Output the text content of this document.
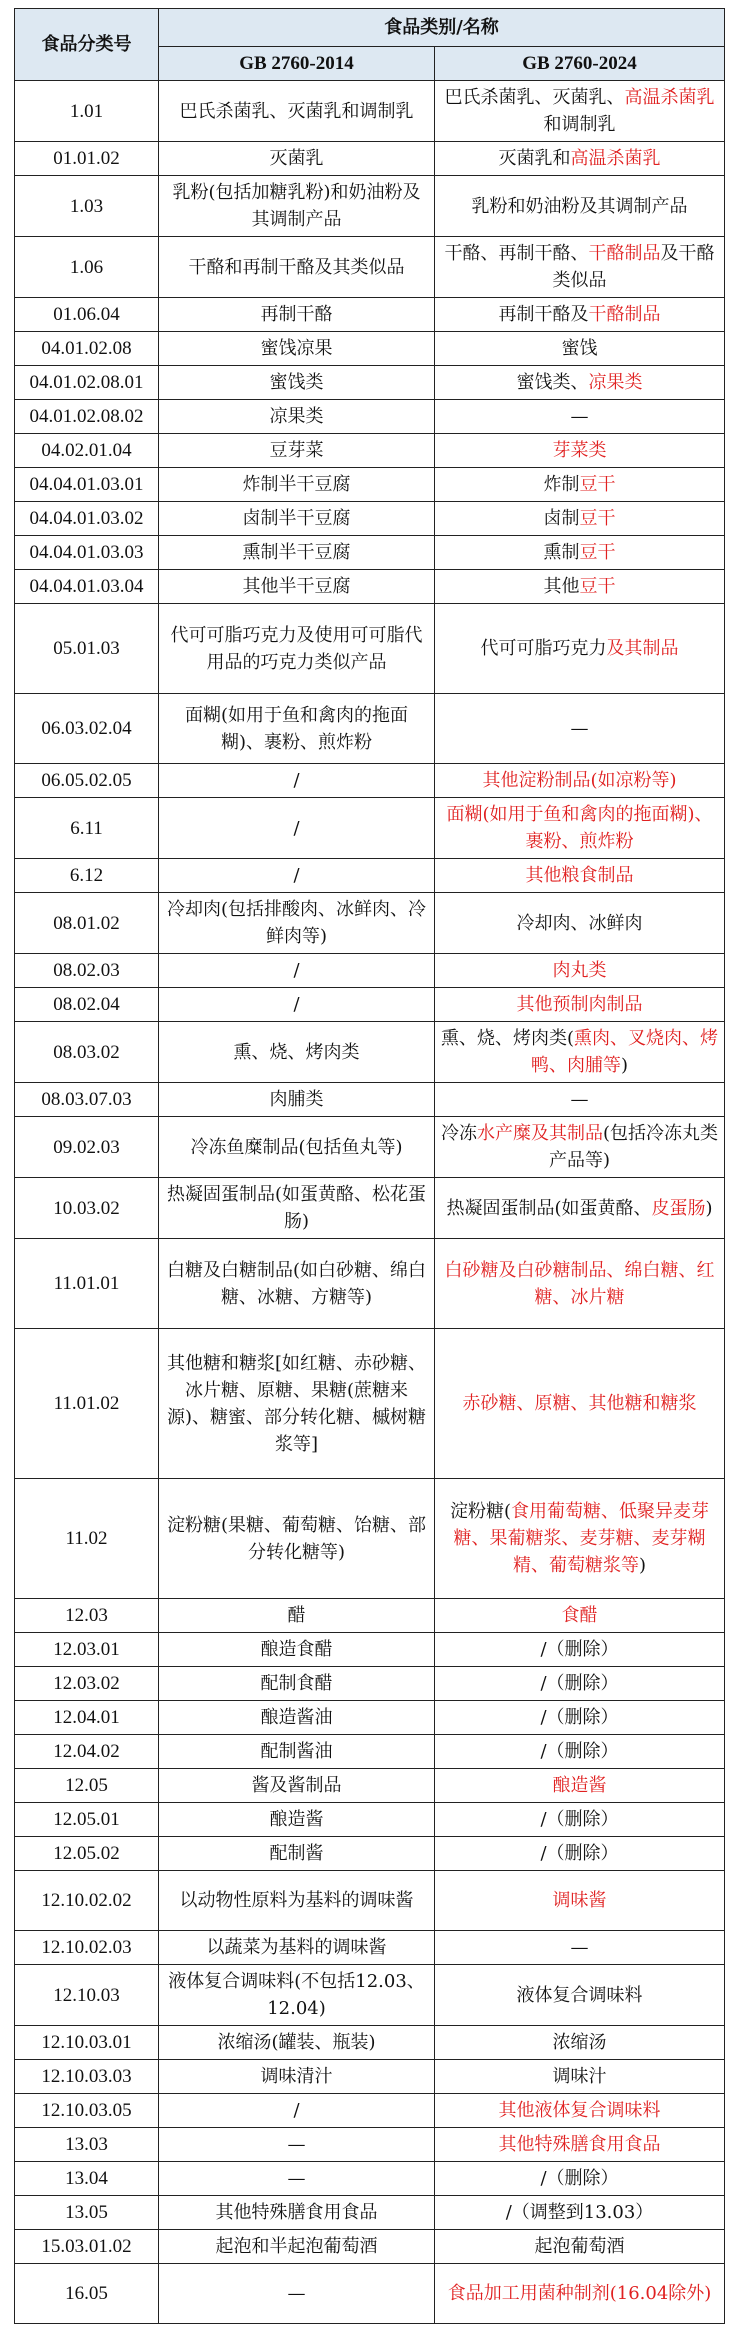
食品分类号	食品类别/名称	
	GB 2760-2014	GB 2760-2024
1.01	巴氏杀菌乳、灭菌乳和调制乳	巴氏杀菌乳、灭菌乳、高温杀菌乳和调制乳
01.01.02	灭菌乳	灭菌乳和高温杀菌乳
1.03	乳粉(包括加糖乳粉)和奶油粉及其调制产品	乳粉和奶油粉及其调制产品
1.06	干酪和再制干酪及其类似品	干酪、再制干酪、干酪制品及干酪类似品
01.06.04	再制干酪	再制干酪及干酪制品
04.01.02.08	蜜饯凉果	蜜饯
04.01.02.08.01	蜜饯类	蜜饯类、凉果类
04.01.02.08.02	凉果类	—
04.02.01.04	豆芽菜	芽菜类
04.04.01.03.01	炸制半干豆腐	炸制豆干
04.04.01.03.02	卤制半干豆腐	卤制豆干
04.04.01.03.03	熏制半干豆腐	熏制豆干
04.04.01.03.04	其他半干豆腐	其他豆干
05.01.03	代可可脂巧克力及使用可可脂代用品的巧克力类似产品	代可可脂巧克力及其制品
06.03.02.04	面糊(如用于鱼和禽肉的拖面糊)、裹粉、煎炸粉	—
06.05.02.05	/	其他淀粉制品(如凉粉等)
6.11	/	面糊(如用于鱼和禽肉的拖面糊)、裹粉、煎炸粉
6.12	/	其他粮食制品
08.01.02	冷却肉(包括排酸肉、冰鲜肉、冷鲜肉等)	冷却肉、冰鲜肉
08.02.03	/	肉丸类
08.02.04	/	其他预制肉制品
08.03.02	熏、烧、烤肉类	熏、烧、烤肉类(熏肉、叉烧肉、烤鸭、肉脯等)
08.03.07.03	肉脯类	—
09.02.03	冷冻鱼糜制品(包括鱼丸等)	冷冻水产糜及其制品(包括冷冻丸类产品等)
10.03.02	热凝固蛋制品(如蛋黄酪、松花蛋肠)	热凝固蛋制品(如蛋黄酪、皮蛋肠)
11.01.01	白糖及白糖制品(如白砂糖、绵白糖、冰糖、方糖等)	白砂糖及白砂糖制品、绵白糖、红糖、冰片糖
11.01.02	其他糖和糖浆[如红糖、赤砂糖、冰片糖、原糖、果糖(蔗糖来源)、糖蜜、部分转化糖、槭树糖浆等]	赤砂糖、原糖、其他糖和糖浆
11.02	淀粉糖(果糖、葡萄糖、饴糖、部分转化糖等)	淀粉糖(食用葡萄糖、低聚异麦芽糖、果葡糖浆、麦芽糖、麦芽糊精、葡萄糖浆等)
12.03	醋	食醋
12.03.01	酿造食醋	/（删除）
12.03.02	配制食醋	/（删除）
12.04.01	酿造酱油	/（删除）
12.04.02	配制酱油	/（删除）
12.05	酱及酱制品	酿造酱
12.05.01	酿造酱	/（删除）
12.05.02	配制酱	/（删除）
12.10.02.02	以动物性原料为基料的调味酱	调味酱
12.10.02.03	以蔬菜为基料的调味酱	—
12.10.03	液体复合调味料(不包括12.03、12.04)	液体复合调味料
12.10.03.01	浓缩汤(罐装、瓶装)	浓缩汤
12.10.03.03	调味清汁	调味汁
12.10.03.05	/	其他液体复合调味料
13.03	—	其他特殊膳食用食品
13.04	—	/（删除）
13.05	其他特殊膳食用食品	/（调整到13.03）
15.03.01.02	起泡和半起泡葡萄酒	起泡葡萄酒
16.05	—	食品加工用菌种制剂(16.04除外)
